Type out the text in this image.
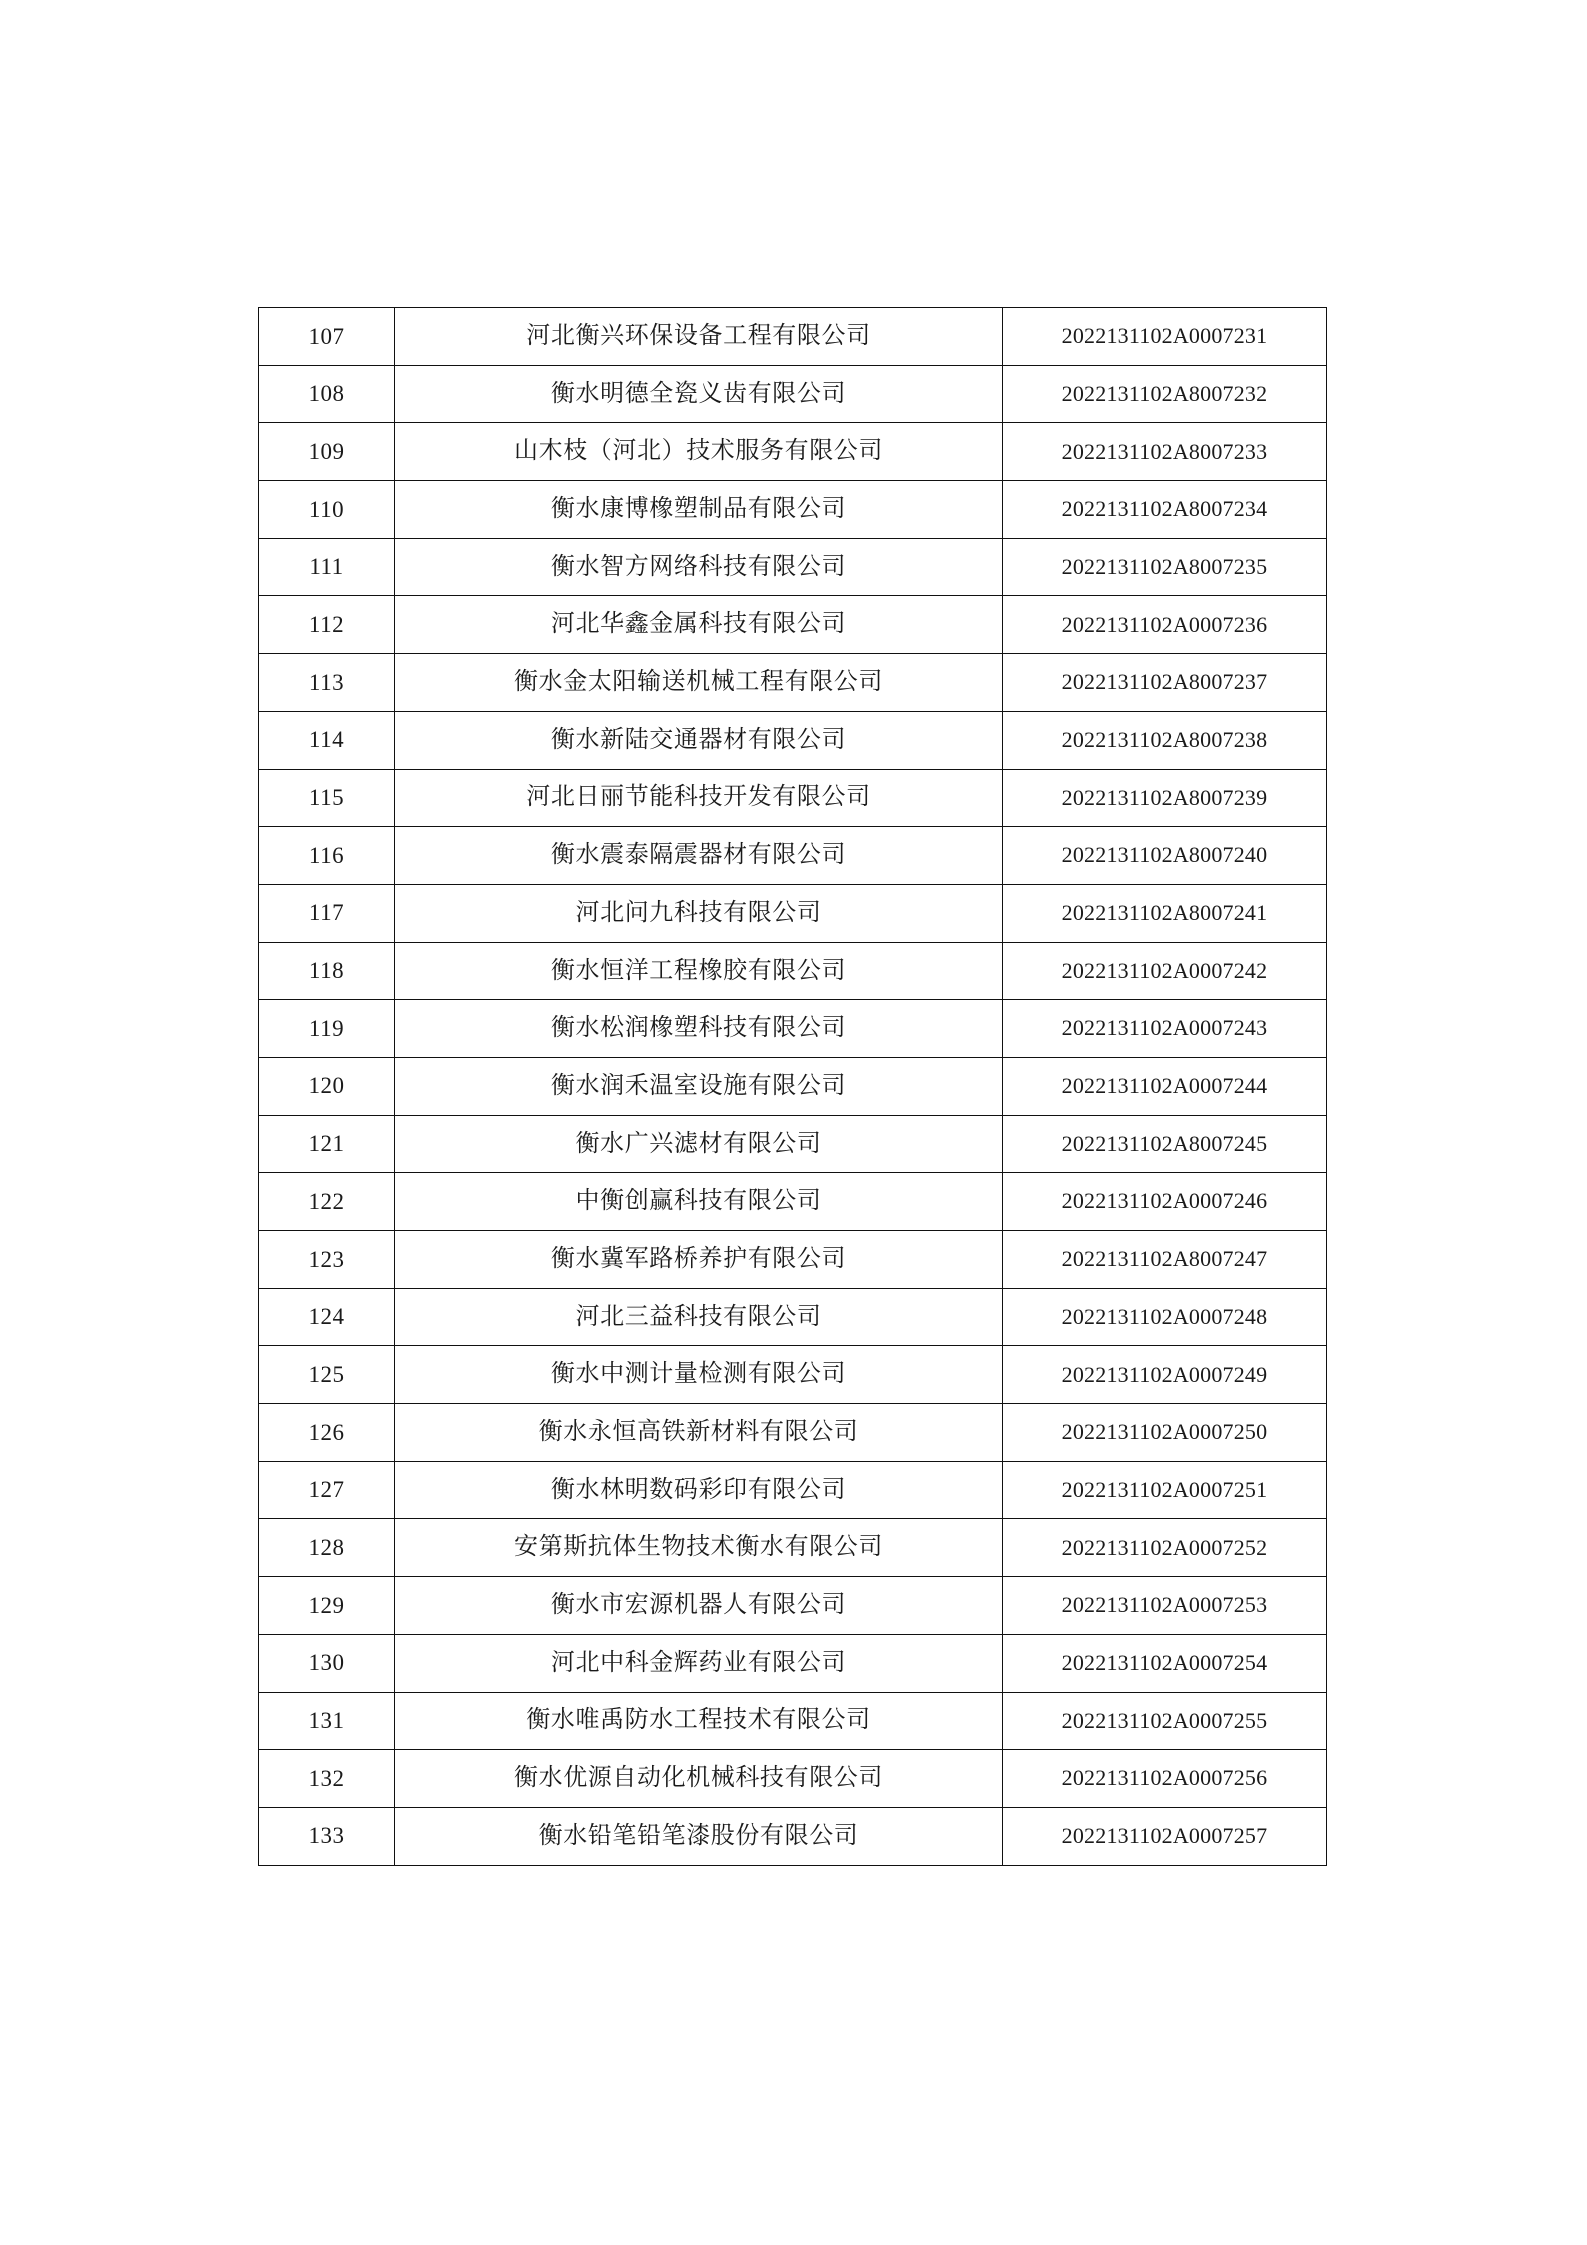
107	河北衡兴环保设备工程有限公司	2022131102A0007231
108	衡水明德全瓷义齿有限公司	2022131102A8007232
109	山木枝（河北）技术服务有限公司	2022131102A8007233
110	衡水康博橡塑制品有限公司	2022131102A8007234
111	衡水智方网络科技有限公司	2022131102A8007235
112	河北华鑫金属科技有限公司	2022131102A0007236
113	衡水金太阳输送机械工程有限公司	2022131102A8007237
114	衡水新陆交通器材有限公司	2022131102A8007238
115	河北日丽节能科技开发有限公司	2022131102A8007239
116	衡水震泰隔震器材有限公司	2022131102A8007240
117	河北问九科技有限公司	2022131102A8007241
118	衡水恒洋工程橡胶有限公司	2022131102A0007242
119	衡水松润橡塑科技有限公司	2022131102A0007243
120	衡水润禾温室设施有限公司	2022131102A0007244
121	衡水广兴滤材有限公司	2022131102A8007245
122	中衡创赢科技有限公司	2022131102A0007246
123	衡水冀军路桥养护有限公司	2022131102A8007247
124	河北三益科技有限公司	2022131102A0007248
125	衡水中测计量检测有限公司	2022131102A0007249
126	衡水永恒高铁新材料有限公司	2022131102A0007250
127	衡水林明数码彩印有限公司	2022131102A0007251
128	安第斯抗体生物技术衡水有限公司	2022131102A0007252
129	衡水市宏源机器人有限公司	2022131102A0007253
130	河北中科金辉药业有限公司	2022131102A0007254
131	衡水唯禹防水工程技术有限公司	2022131102A0007255
132	衡水优源自动化机械科技有限公司	2022131102A0007256
133	衡水铅笔铅笔漆股份有限公司	2022131102A0007257
